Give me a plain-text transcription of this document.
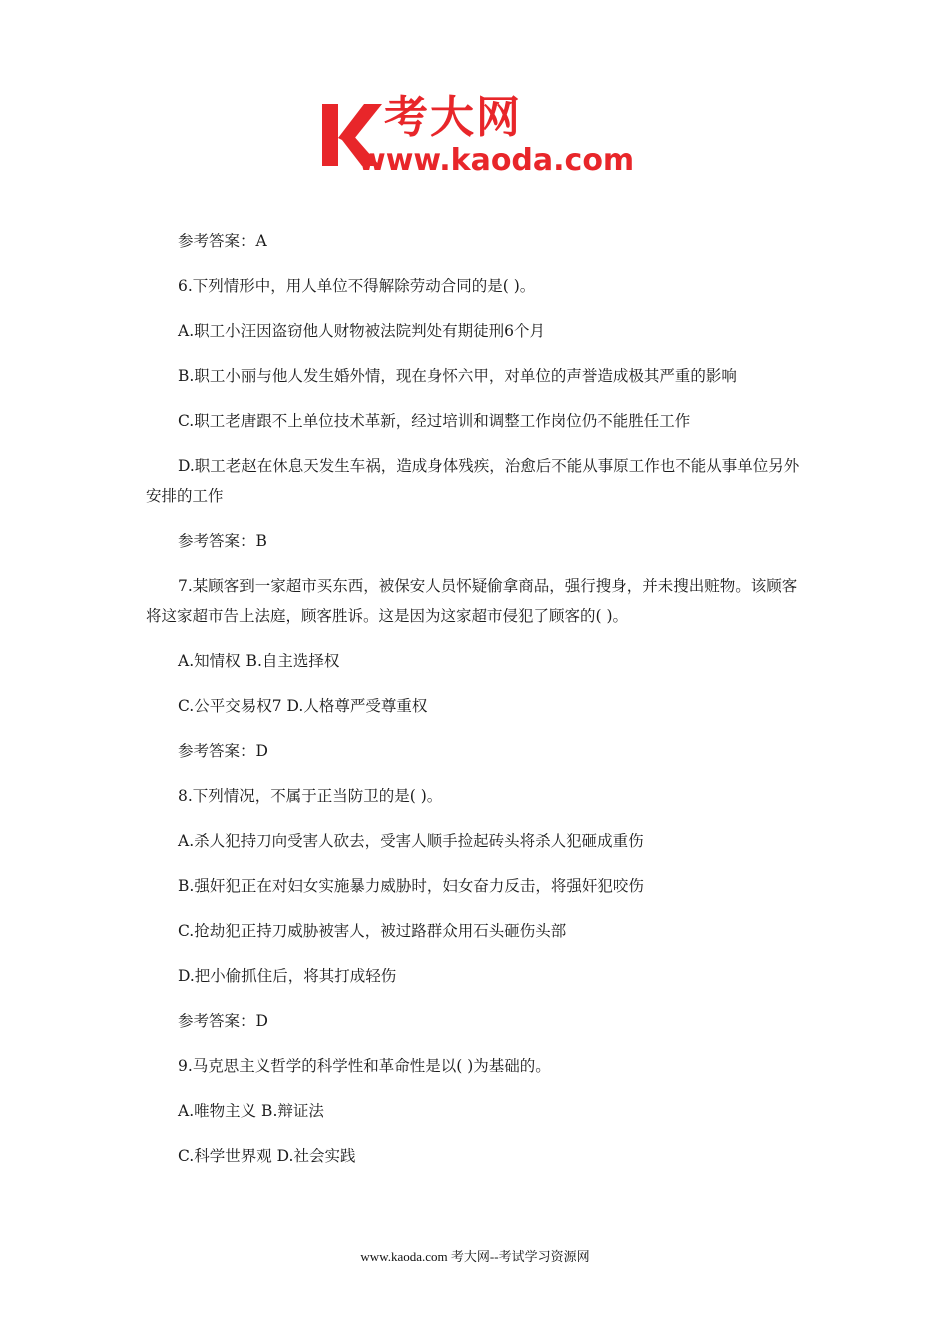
考大网
www.kaoda.com

参考答案：A

6.下列情形中，用人单位不得解除劳动合同的是( )。

A.职工小汪因盗窃他人财物被法院判处有期徒刑6个月

B.职工小丽与他人发生婚外情，现在身怀六甲，对单位的声誉造成极其严重的影响

C.职工老唐跟不上单位技术革新，经过培训和调整工作岗位仍不能胜任工作

D.职工老赵在休息天发生车祸，造成身体残疾，治愈后不能从事原工作也不能从事单位另外安排的工作

参考答案：B

7.某顾客到一家超市买东西，被保安人员怀疑偷拿商品，强行搜身，并未搜出赃物。该顾客将这家超市告上法庭，顾客胜诉。这是因为这家超市侵犯了顾客的( )。

A.知情权 B.自主选择权

C.公平交易权7 D.人格尊严受尊重权

参考答案：D

8.下列情况，不属于正当防卫的是( )。

A.杀人犯持刀向受害人砍去，受害人顺手捡起砖头将杀人犯砸成重伤

B.强奸犯正在对妇女实施暴力威胁时，妇女奋力反击，将强奸犯咬伤

C.抢劫犯正持刀威胁被害人，被过路群众用石头砸伤头部

D.把小偷抓住后，将其打成轻伤

参考答案：D

9.马克思主义哲学的科学性和革命性是以( )为基础的。

A.唯物主义 B.辩证法

C.科学世界观 D.社会实践

www.kaoda.com 考大网--考试学习资源网
